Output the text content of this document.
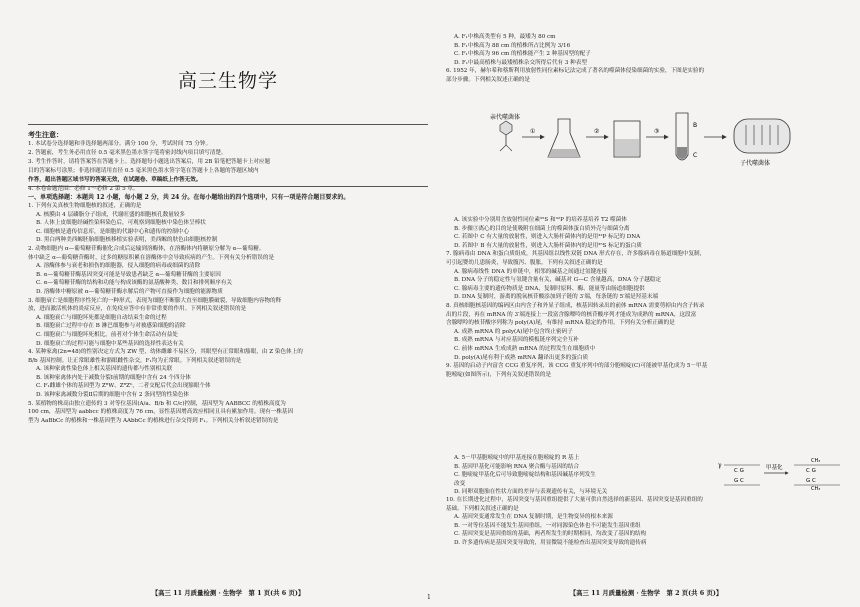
高三生物学
考生注意：
1. 本试卷分选择题和非选择题两部分。满分 100 分，考试时间 75 分钟。
2. 答题前，考生务必用直径 0.5 毫米黑色墨水签字笔将密封线内项目填写清楚。
3. 考生作答时，请将答案答在答题卡上。选择题每小题选出答案后，用 2B 铅笔把答题卡上对应题
目的答案标号涂黑；非选择题请用直径 0.5 毫米黑色墨水签字笔在答题卡上各题的答题区域内
作答，超出答题区域书写的答案无效，在试题卷、草稿纸上作答无效。
4. 本卷命题范围：必修 1～必修 2 第 5 章。

一、单项选择题：本题共 12 小题，每小题 2 分，共 24 分。在每小题给出的四个选项中，只有一项是符合题目要求的。

1. 下列有关真核生物细胞核的叙述，正确的是

A. 核膜由 4 层磷脂分子组成，代谢旺盛的细胞核孔数量较多

B. 人体上皮细胞经碱性染料染色后，可观察到细胞核中染色体呈棒状

C. 细胞核是遗传信息库，是细胞的代谢中心和遗传的控制中心

D. 黑白两种美西螈胚胎细胞核移植实验表明，美西螈的肤色由细胞核控制

2. 动物细胞内 α—葡萄糖苷酶催化合成后运输到溶酶体，在溶酶体内将糖原分解为 α—葡萄糖。

体中缺乏 α—葡萄糖苷酶时，过多的糖原积累在溶酶体中会导致疾病的产生。下列有关分析错误的是

A. 溶酶体参与衰老和损伤的细胞器，侵入细胞的病毒或细菌的清除

B. α—葡萄糖苷酶基因突变可能是导致患者缺乏 α—葡萄糖苷酶的主要原因

C. α—葡萄糖苷酶的结构和功能与构成该酶的氨基酸种类、数目和排列顺序有关

D. 溶酶体中糖原被 α—葡萄糖苷酶水解后的产物可直接作为细胞的能源物质

3. 细胞衰亡是细胞程序性死亡的一种形式，表现为细胞不断膨大直至细胞膜破裂，导致细胞内容物的释

放，进而激活机体的炎症反应，在免疫应答中有非常重要的作用。下列相关叙述错误的是

A. 细胞衰亡与细胞坏死都是细胞自动结束生命的过程

B. 细胞衰亡过程中存在 B 淋巴细胞参与对被感染细胞的清除

C. 细胞衰亡与细胞坏死相比，前者对个体生命活动有益处

D. 细胞衰亡的过程可能与细胞中某些基因的选择性表达有关

4. 某种家禽(2n=48)的性别决定方式为 ZW 型，幼体雌雄不易区分，其眼型有正常眼和豁眼，由 Z 染色体上的

B/b 基因控制。让正常眼雄性和豁眼雌性杂交，F₁均为正常眼。下列相关叙述错误的是

A. 该种家禽性染色体上相关基因的遗传都与性别相关联

B. 该种家禽体内处于减数分裂Ⅰ前期的细胞中含有 24 个四分体

C. F₁雌雄个体的基因型为 ZᴮW、ZᴮZᵇ，二者交配后代会出现豁眼个体

D. 该种家禽减数分裂Ⅱ后期的细胞中含有 2 条同型的性染色体

5. 某植物的株高由独立遗传的 3 对等位基因(A/a、B/b 和 C/c)控制，基因型为 AABBCC 的植株高度为

100 cm，基因型为 aabbcc 的植株高度为 76 cm，显性基因增高效应相同且具有累加作用。现有一株基因

型为 AaBbCc 的植株和一株基因型为 AAbbCc 的植株进行杂交得到 F₁。下列相关分析叙述错误的是

【高三 11 月质量检测 · 生物学　第 1 页(共 6 页)】
1

A. F₁中株高类型有 5 种，最矮为 80 cm

B. F₁中株高为 88 cm 的植株所占比例为 3/16

C. F₁中株高为 96 cm 的植株能产生 2 种基因型的配子

D. F₁中最高植株与最矮植株杂交所得后代有 3 种表型

6. 1952 年，赫尔希和蔡斯利用放射性同位素标记法完成了著名的噬菌体侵染细菌的实验，下图是实验的

部分步骤。下列相关叙述正确的是

亲代噬菌体
①	②	③
B
C
子代噬菌体

A. 该实验中分别用含放射性同位素³⁵S 和³²P 的培养基培养 T2 噬菌体

B. 步骤③离心的目的是使吸附在细菌上的噬菌体蛋白质外壳与细菌分离

C. 若图中 C 有大量的放射性，则进入大肠杆菌体内的是用³²P 标记的 DNA

D. 若图中 B 有大量的放射性，则进入大肠杆菌体内的是用³⁵S 标记的蛋白质

7. 腺病毒由 DNA 和蛋白质组成，其基因组以线性双链 DNA 形式存在，许多腺病毒在肠道细胞中复制，

可引起婴幼儿患肠炎，导致腹泻、腹胀。下列有关叙述正确的是

A. 腺病毒线性 DNA 的单链中，相邻的碱基之间通过氢键连接

B. DNA 分子的稳定性与氢键含量有关，碱基对 G—C 含量越高，DNA 分子越稳定

C. 腺病毒主要的遗传物质是 DNA，复制时原料、酶、能量等由肠道细胞提供

D. DNA 复制时，游离的脱氧核苷酸添加到子链的 3′端，每条链的 5′端是羟基末端

8. 真核细胞核基因的编码区由内含子和外显子组成，核基因转录出的前体 mRNA 需要剪掉由内含子转录

出的片段，再在 mRNA 的 3′端连接上一段富含腺嘌呤的核苷酸序列才能成为成熟的 mRNA，这段富

含腺嘌呤的核苷酸序列称为 poly(A)尾，有维持 mRNA 稳定的作用。下列有关分析正确的是

A. 成熟 mRNA 的 poly(A)尾中包含终止密码子

B. 成熟 mRNA 与对应基因的模板链序列完全互补

C. 前体 mRNA 生成成熟 mRNA 的过程发生在细胞质中

D. poly(A)尾有利于成熟 mRNA 翻译出更多的蛋白质

9. 基因的启动子内富含 CCG 重复序列，该 CCG 重复序列中的部分胞嘧啶(C)可能被甲基化成为 5－甲基

胞嘧啶(如图所示)，下列有关叙述错误的是

A. 5－甲基胞嘧啶中的甲基连接在胞嘧啶的 R 基上

B. 基因甲基化可能影响 RNA 聚合酶与基因的结合

C. 胞嘧啶甲基化后可导致胞嘧啶结构和基因碱基序列发生

改变

D. 同卵双胞胎在性状方面的差异与表观遗传有关，与环境无关

γ
C G
G C
甲基化
CH₃
C G
G C
CH₃

10. 在长期进化过程中，基因突变与基因重组提供了大量可供自然选择的新基因、基因突变是基因重组的

基础。下列相关叙述正确的是

A. 基因突变通常发生在 DNA 复制时期，是生物变异的根本来源

B. 一对等位基因不能发生基因重组，一对同源染色体也不可能发生基因重组

C. 基因突变是基因重组的基础，两者所发生的时期相同，均改变了基因的结构

D. 许多遗传病是基因突变导致的，用显微镜不能检查出基因突变导致的遗传病

【高三 11 月质量检测 · 生物学　第 2 页(共 6 页)】
